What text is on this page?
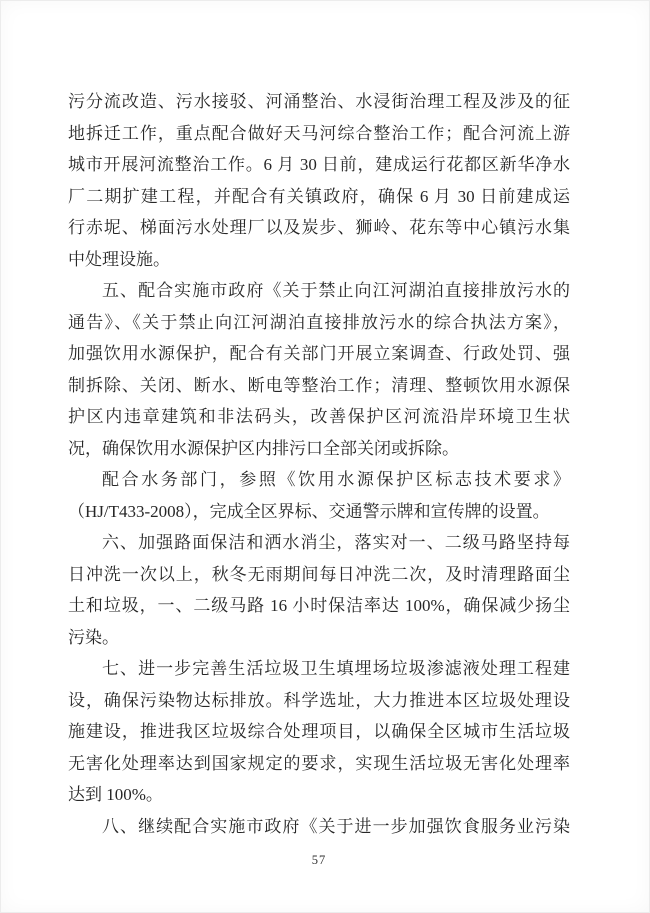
污分流改造、污水接驳、河涌整治、水浸街治理工程及涉及的征
地拆迁工作，重点配合做好天马河综合整治工作；配合河流上游
城市开展河流整治工作。6 月 30 日前，建成运行花都区新华净水
厂二期扩建工程，并配合有关镇政府，确保 6 月 30 日前建成运
行赤坭、梯面污水处理厂以及炭步、狮岭、花东等中心镇污水集
中处理设施。
五、配合实施市政府《关于禁止向江河湖泊直接排放污水的
通告》、《关于禁止向江河湖泊直接排放污水的综合执法方案》，
加强饮用水源保护，配合有关部门开展立案调查、行政处罚、强
制拆除、关闭、断水、断电等整治工作；清理、整顿饮用水源保
护区内违章建筑和非法码头，改善保护区河流沿岸环境卫生状
况，确保饮用水源保护区内排污口全部关闭或拆除。
配合水务部门，参照《饮用水源保护区标志技术要求》
（HJ/T433-2008），完成全区界标、交通警示牌和宣传牌的设置。
六、加强路面保洁和洒水消尘，落实对一、二级马路坚持每
日冲洗一次以上，秋冬无雨期间每日冲洗二次，及时清理路面尘
土和垃圾，一、二级马路 16 小时保洁率达 100%，确保减少扬尘
污染。
七、进一步完善生活垃圾卫生填埋场垃圾渗滤液处理工程建
设，确保污染物达标排放。科学选址，大力推进本区垃圾处理设
施建设，推进我区垃圾综合处理项目，以确保全区城市生活垃圾
无害化处理率达到国家规定的要求，实现生活垃圾无害化处理率
达到 100%。
八、继续配合实施市政府《关于进一步加强饮食服务业污染
57
